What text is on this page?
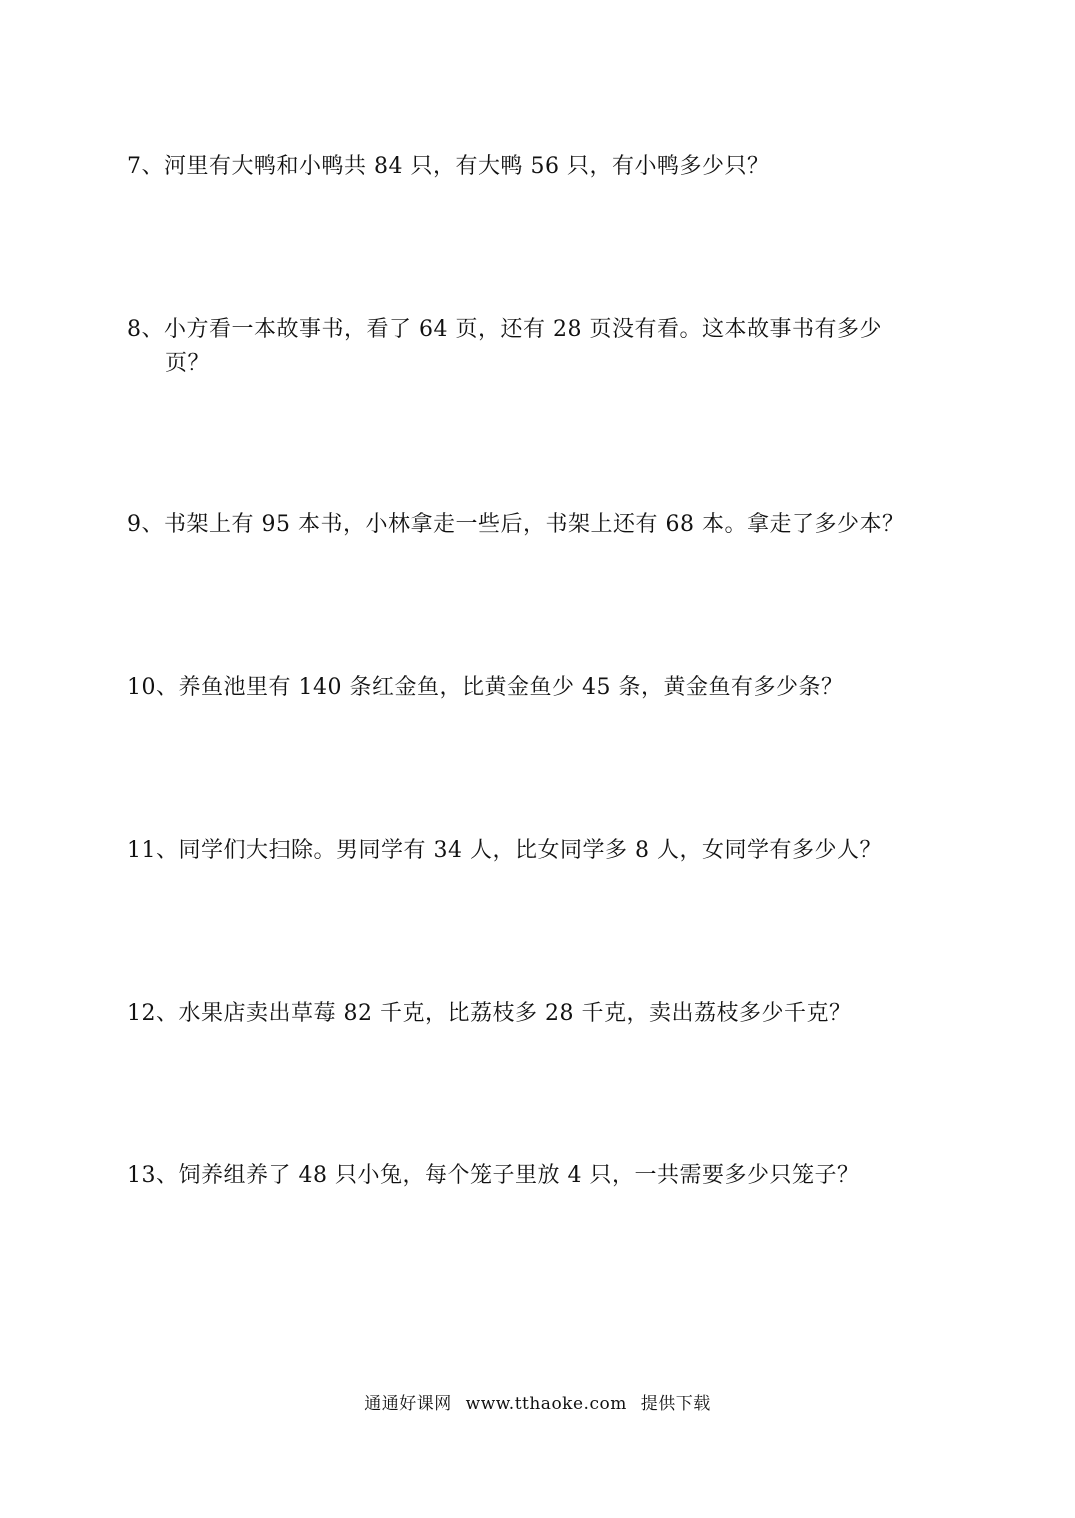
7、河里有大鸭和小鸭共 84 只，有大鸭 56 只，有小鸭多少只？
8、小方看一本故事书，看了 64 页，还有 28 页没有看。这本故事书有多少
页？
9、书架上有 95 本书，小林拿走一些后，书架上还有 68 本。拿走了多少本？
10、养鱼池里有 140 条红金鱼，比黄金鱼少 45 条，黄金鱼有多少条？
11、同学们大扫除。男同学有 34 人，比女同学多 8 人，女同学有多少人？
12、水果店卖出草莓 82 千克，比荔枝多 28 千克，卖出荔枝多少千克？
13、饲养组养了 48 只小兔，每个笼子里放 4 只，一共需要多少只笼子？
通通好课网 www.tthaoke.com 提供下载
